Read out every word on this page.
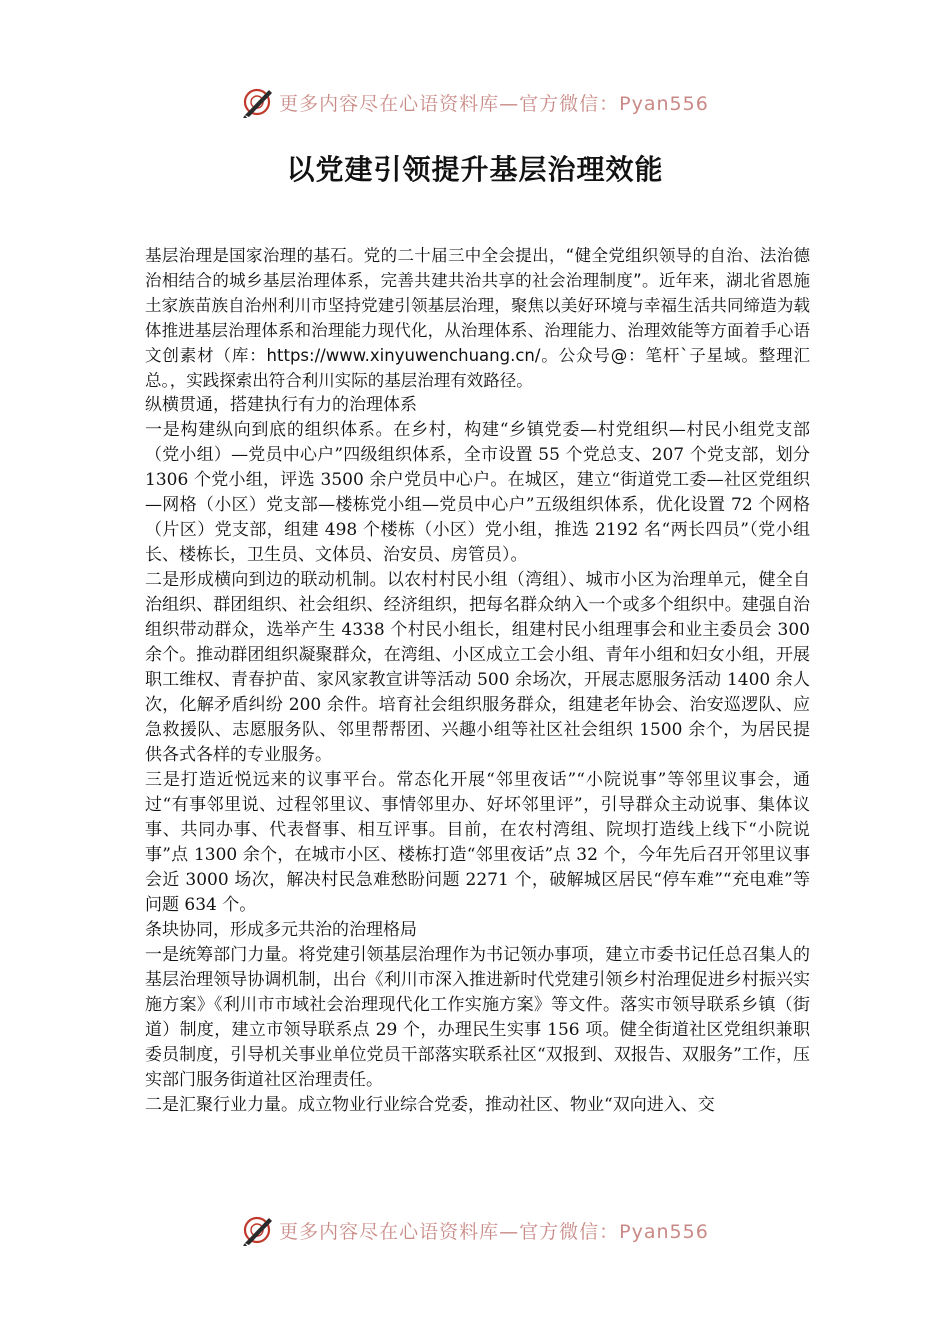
更多内容尽在心语资料库—官方微信：Pyan556
以党建引领提升基层治理效能

基层治理是国家治理的基石。党的二十届三中全会提出，“健全党组织领导的自治、法治德治相结合的城乡基层治理体系，完善共建共治共享的社会治理制度”。近年来，湖北省恩施土家族苗族自治州利川市坚持党建引领基层治理，聚焦以美好环境与幸福生活共同缔造为载体推进基层治理体系和治理能力现代化，从治理体系、治理能力、治理效能等方面着手心语文创素材（库：https://www.xinyuwenchuang.cn/。公众号@：笔杆`子星域。整理汇总。，实践探索出符合利川实际的基层治理有效路径。

纵横贯通，搭建执行有力的治理体系

一是构建纵向到底的组织体系。在乡村，构建“乡镇党委—村党组织—村民小组党支部（党小组）—党员中心户”四级组织体系，全市设置 55 个党总支、207 个党支部，划分 1306 个党小组，评选 3500 余户党员中心户。在城区，建立“街道党工委—社区党组织—网格（小区）党支部—楼栋党小组—党员中心户”五级组织体系，优化设置 72 个网格（片区）党支部，组建 498 个楼栋（小区）党小组，推选 2192 名“两长四员”（党小组长、楼栋长，卫生员、文体员、治安员、房管员）。

二是形成横向到边的联动机制。以农村村民小组（湾组）、城市小区为治理单元，健全自治组织、群团组织、社会组织、经济组织，把每名群众纳入一个或多个组织中。建强自治组织带动群众，选举产生 4338 个村民小组长，组建村民小组理事会和业主委员会 300 余个。推动群团组织凝聚群众，在湾组、小区成立工会小组、青年小组和妇女小组，开展职工维权、青春护苗、家风家教宣讲等活动 500 余场次，开展志愿服务活动 1400 余人次，化解矛盾纠纷 200 余件。培育社会组织服务群众，组建老年协会、治安巡逻队、应急救援队、志愿服务队、邻里帮帮团、兴趣小组等社区社会组织 1500 余个，为居民提供各式各样的专业服务。

三是打造近悦远来的议事平台。常态化开展“邻里夜话”“小院说事”等邻里议事会，通过“有事邻里说、过程邻里议、事情邻里办、好坏邻里评”，引导群众主动说事、集体议事、共同办事、代表督事、相互评事。目前，在农村湾组、院坝打造线上线下“小院说事”点 1300 余个，在城市小区、楼栋打造“邻里夜话”点 32 个，今年先后召开邻里议事会近 3000 场次，解决村民急难愁盼问题 2271 个，破解城区居民“停车难”“充电难”等问题 634 个。

条块协同，形成多元共治的治理格局

一是统筹部门力量。将党建引领基层治理作为书记领办事项，建立市委书记任总召集人的基层治理领导协调机制，出台《利川市深入推进新时代党建引领乡村治理促进乡村振兴实施方案》《利川市市域社会治理现代化工作实施方案》等文件。落实市领导联系乡镇（街道）制度，建立市领导联系点 29 个，办理民生实事 156 项。健全街道社区党组织兼职委员制度，引导机关事业单位党员干部落实联系社区“双报到、双报告、双服务”工作，压实部门服务街道社区治理责任。

二是汇聚行业力量。成立物业行业综合党委，推动社区、物业“双向进入、交

更多内容尽在心语资料库—官方微信：Pyan556
